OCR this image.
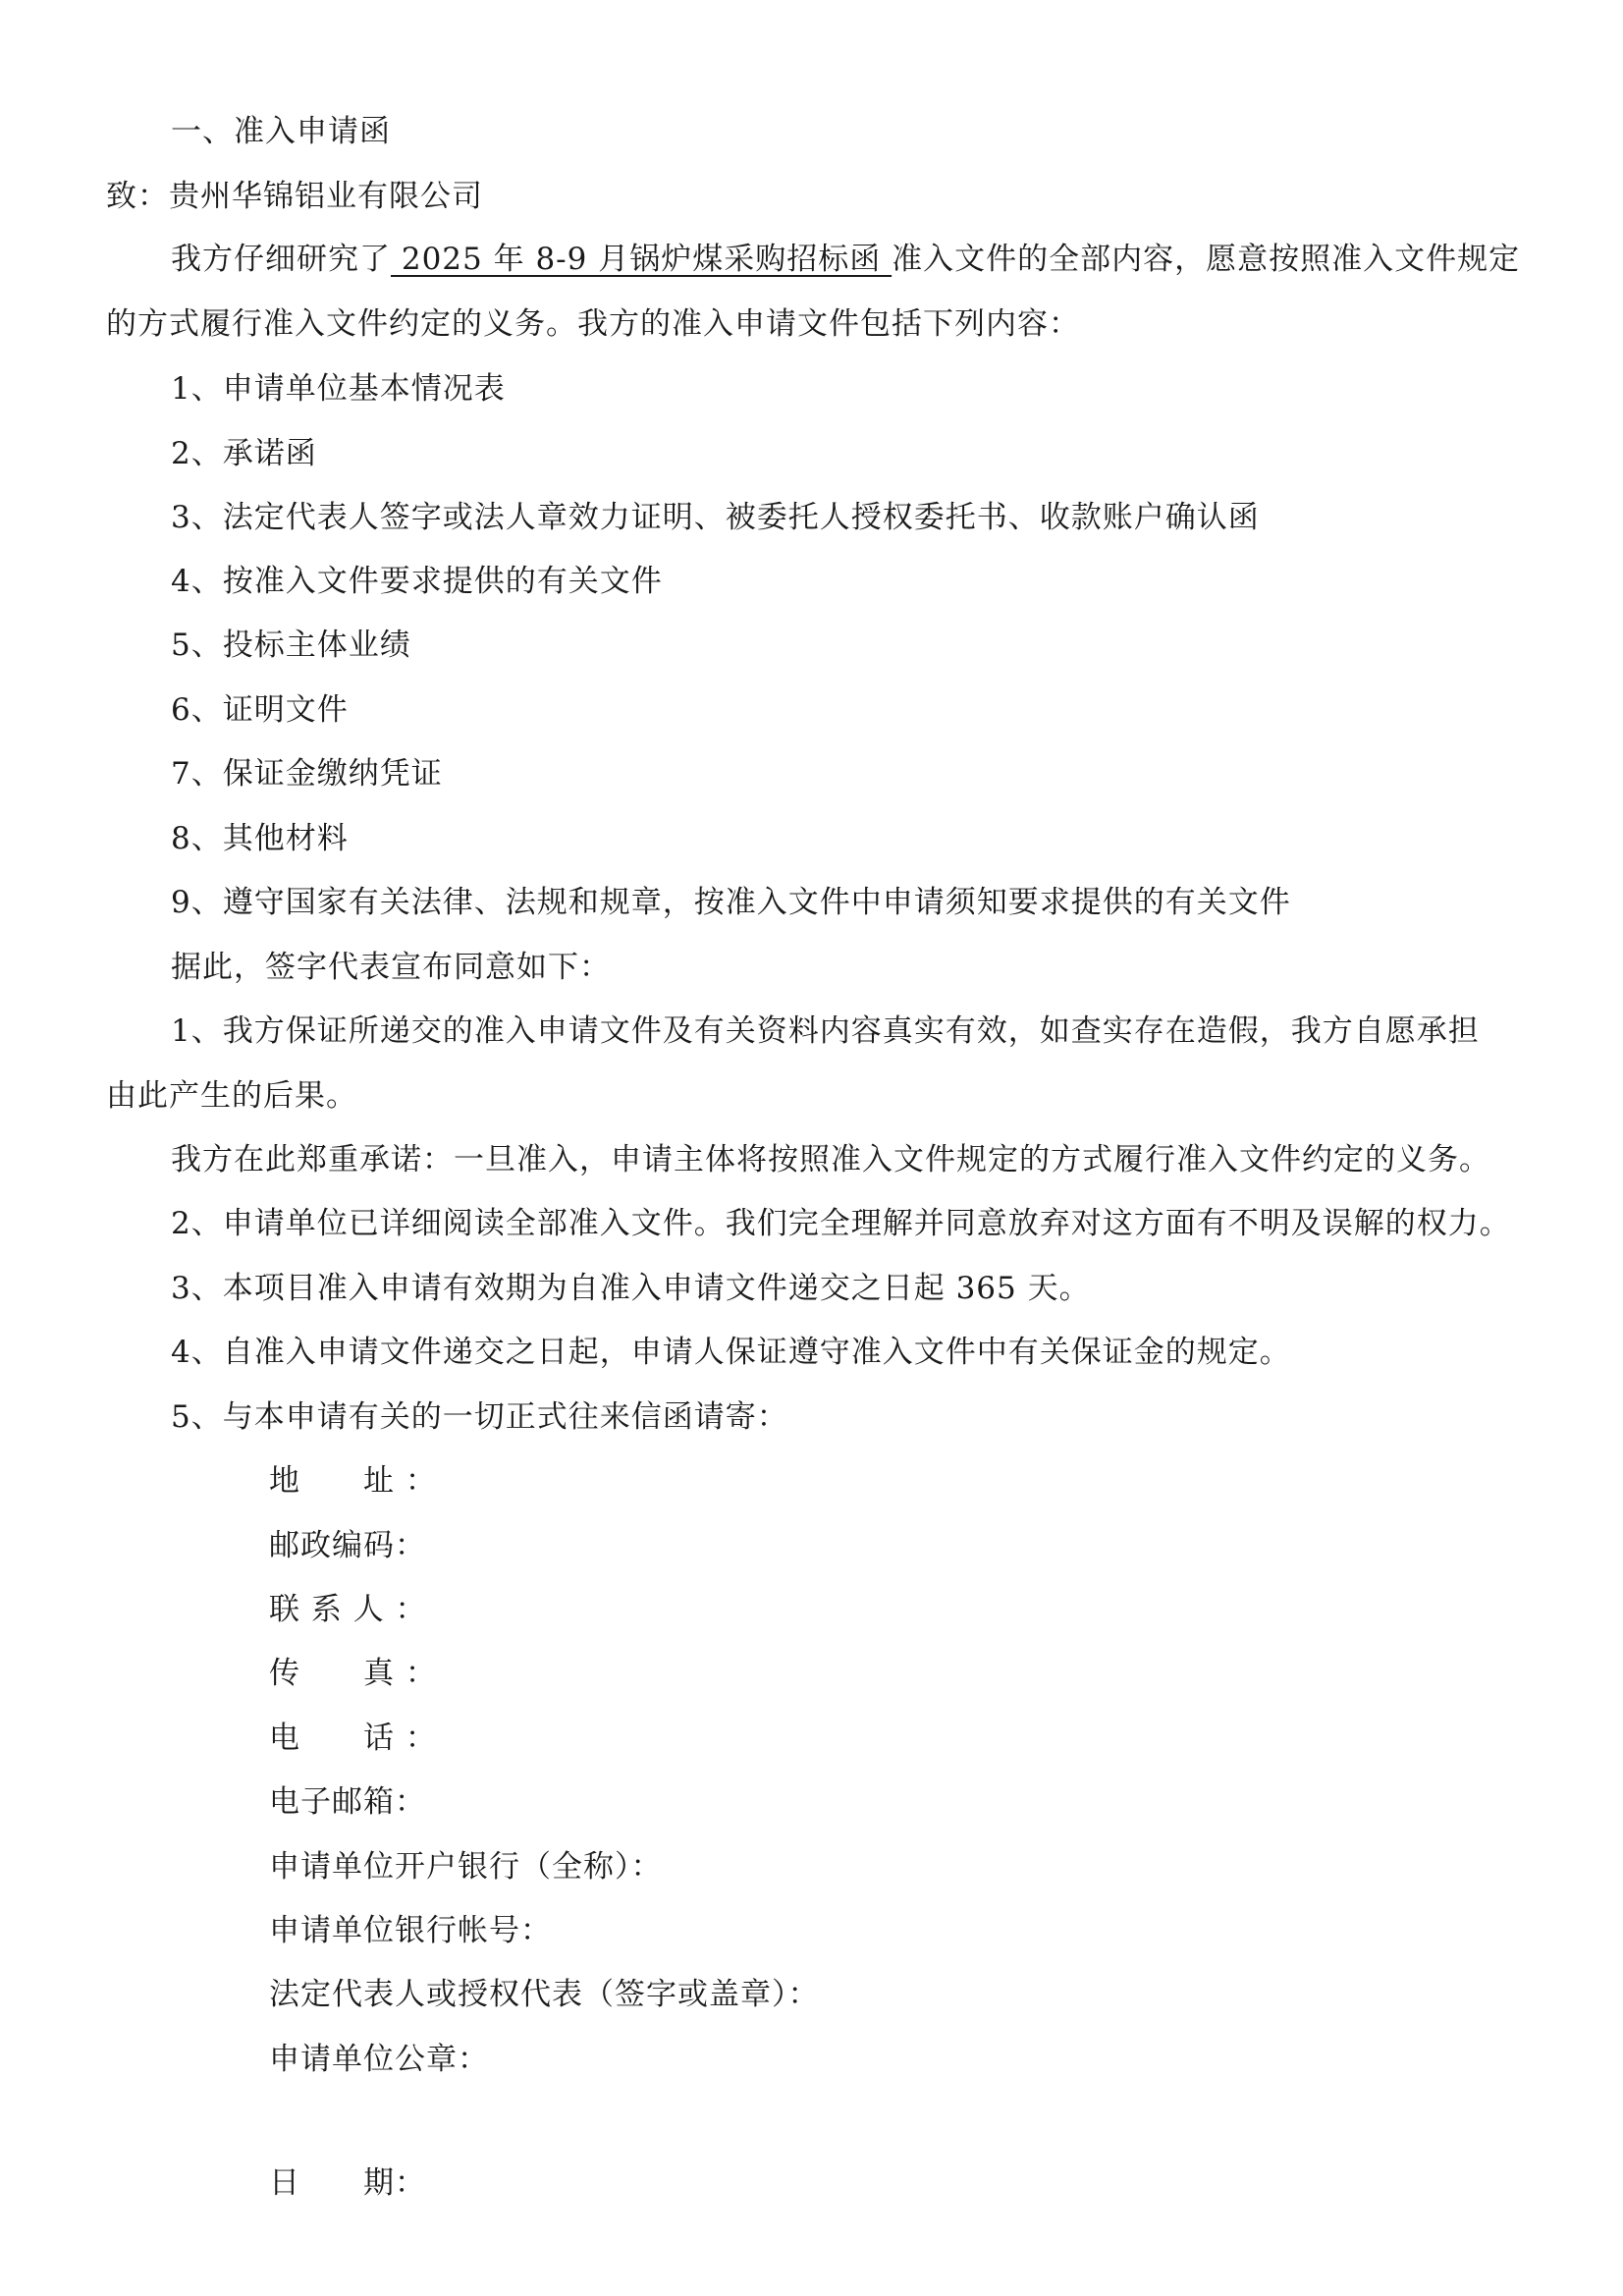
一、准入申请函
致：贵州华锦铝业有限公司
我方仔细研究了 2025 年 8-9 月锅炉煤采购招标函 准入文件的全部内容，愿意按照准入文件规定
的方式履行准入文件约定的义务。我方的准入申请文件包括下列内容：
1、申请单位基本情况表
2、承诺函
3、法定代表人签字或法人章效力证明、被委托人授权委托书、收款账户确认函
4、按准入文件要求提供的有关文件
5、投标主体业绩
6、证明文件
7、保证金缴纳凭证
8、其他材料
9、遵守国家有关法律、法规和规章，按准入文件中申请须知要求提供的有关文件
据此，签字代表宣布同意如下：
1、我方保证所递交的准入申请文件及有关资料内容真实有效，如查实存在造假，我方自愿承担
由此产生的后果。
我方在此郑重承诺：一旦准入，申请主体将按照准入文件规定的方式履行准入文件约定的义务。
2、申请单位已详细阅读全部准入文件。我们完全理解并同意放弃对这方面有不明及误解的权力。
3、本项目准入申请有效期为自准入申请文件递交之日起 365 天。
4、自准入申请文件递交之日起，申请人保证遵守准入文件中有关保证金的规定。
5、与本申请有关的一切正式往来信函请寄：
地　　址 ：
邮政编码：
联 系 人 ：
传　　真 ：
电　　话 ：
电子邮箱：
申请单位开户银行（全称）：
申请单位银行帐号：
法定代表人或授权代表（签字或盖章）：
申请单位公章：
日　　期：
